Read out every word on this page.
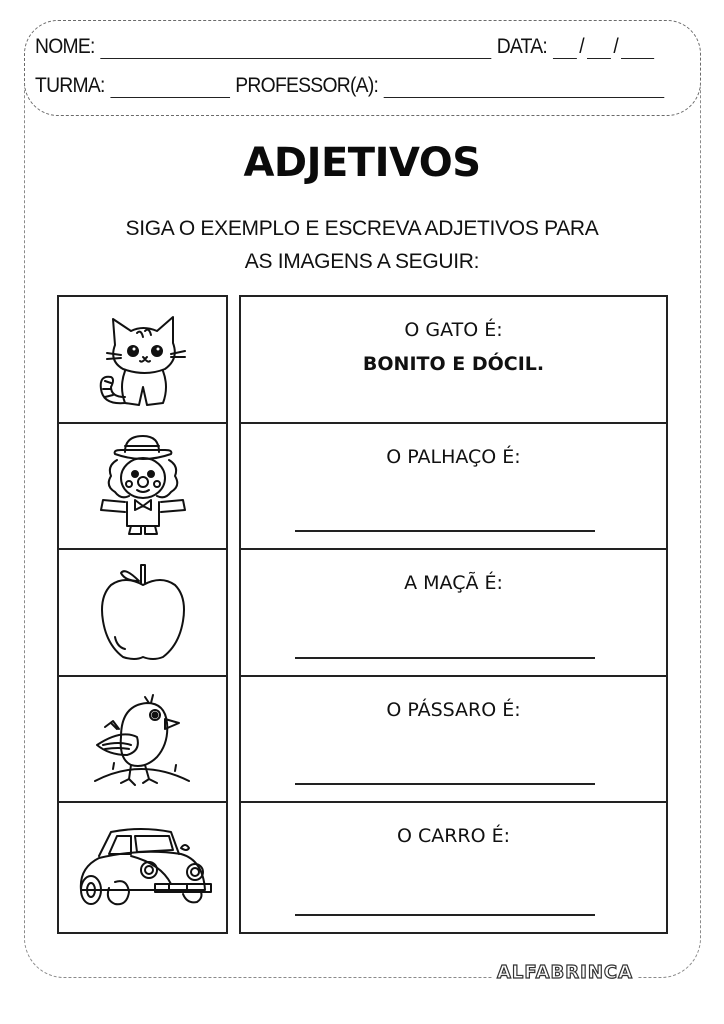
NOME:	DATA: / /
TURMA:	PROFESSOR(A):
ADJETIVOS
SIGA O EXEMPLO E ESCREVA ADJETIVOS PARA
AS IMAGENS A SEGUIR:
O GATO É:
BONITO E DÓCIL.
O PALHAÇO É:
A MAÇÃ É:
O PÁSSARO É:
O CARRO É:
ALFABRINCA
